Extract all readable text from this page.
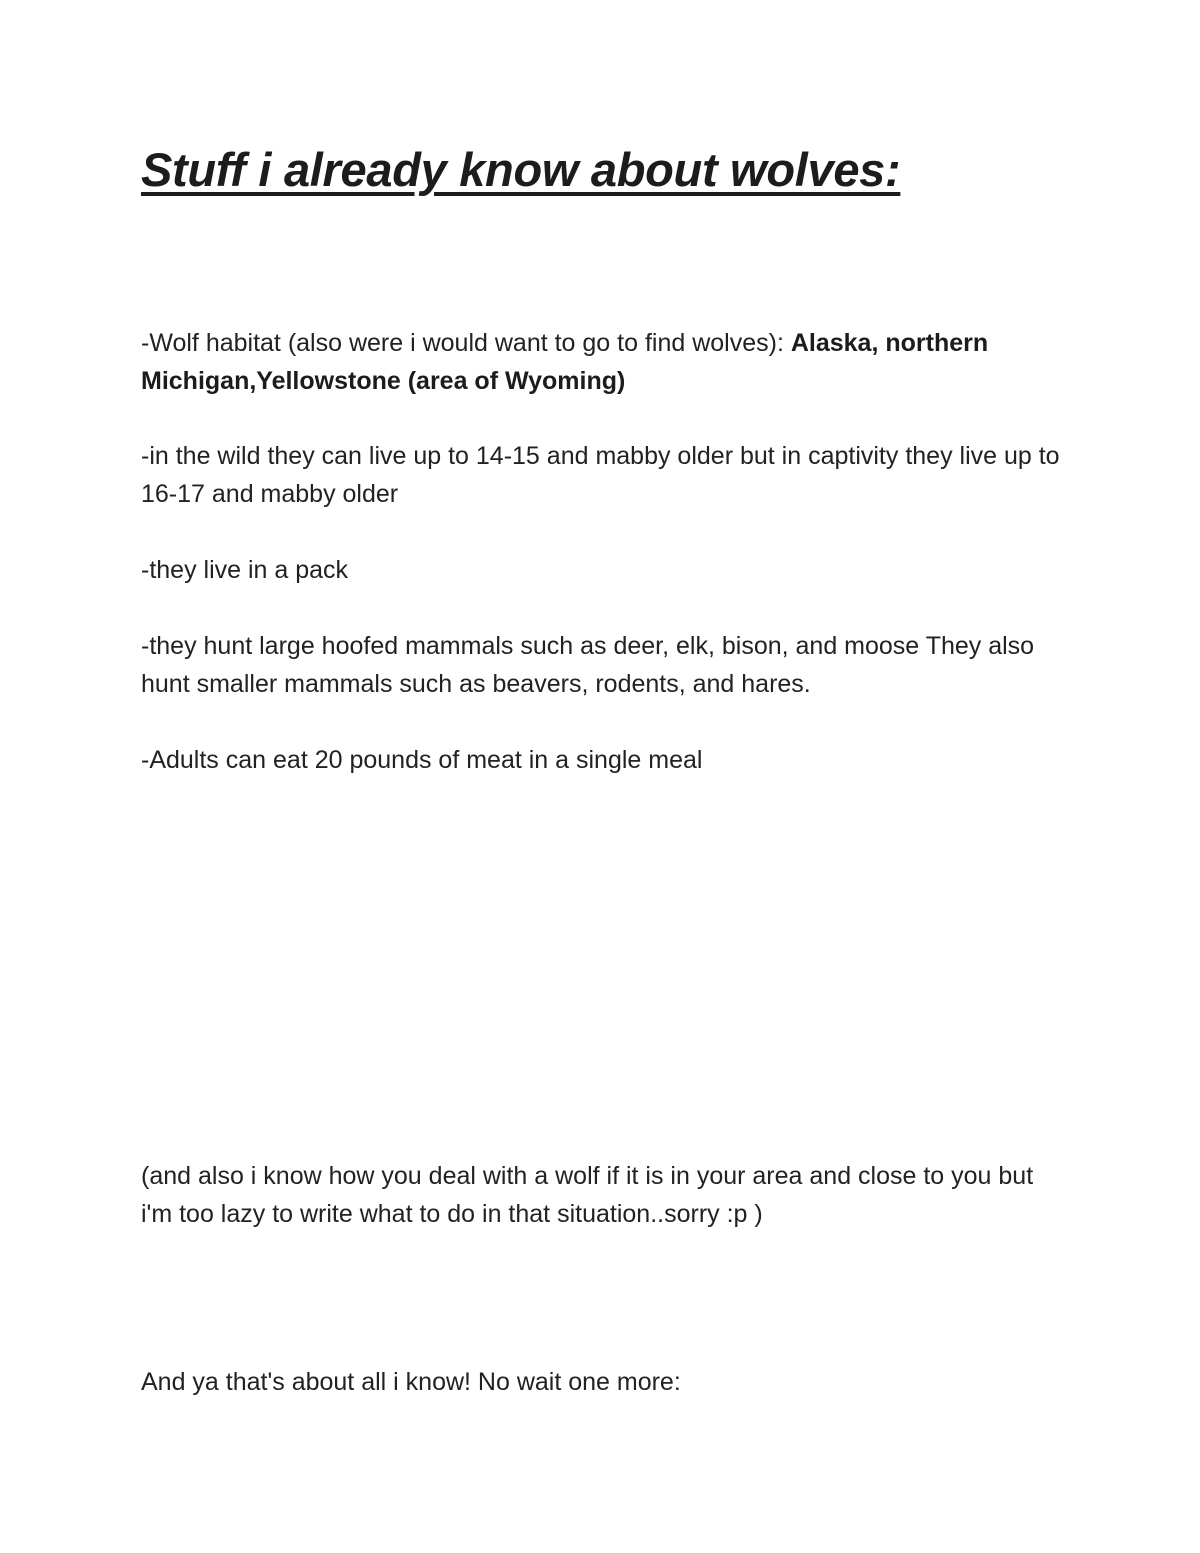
Stuff i already know about wolves:

-Wolf habitat (also were i would want to go to find wolves): Alaska, northern Michigan,Yellowstone (area of Wyoming)

-in the wild they can live up to 14-15 and mabby older but in captivity they live up to 16-17 and mabby older

-they live in a pack

-they hunt large hoofed mammals such as deer, elk, bison, and moose They also hunt smaller mammals such as beavers, rodents, and hares.

-Adults can eat 20 pounds of meat in a single meal

(and also i know how you deal with a wolf if it is in your area and close to you but i'm too lazy to write what to do in that situation..sorry :p )

And ya that's about all i know! No wait one more:
